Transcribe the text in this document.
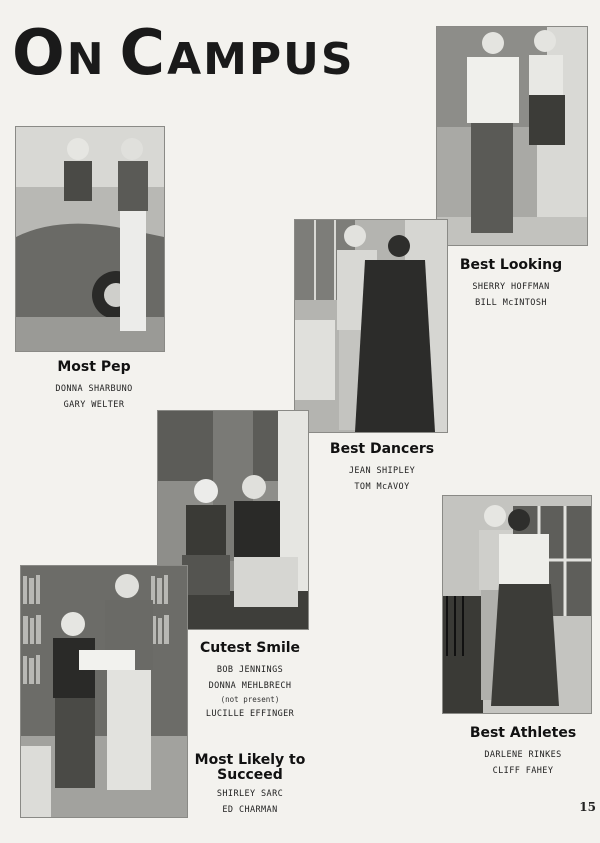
ON CAMPUS
Most Pep
DONNA SHARBUNO
GARY WELTER
Best Looking
SHERRY HOFFMAN
BILL McINTOSH
Best Dancers
JEAN SHIPLEY
TOM McAVOY
Cutest Smile
BOB JENNINGS
DONNA MEHLBRECH
(not present)
LUCILLE EFFINGER
Most Likely to
Succeed
SHIRLEY SARC
ED CHARMAN
Best Athletes
DARLENE RINKES
CLIFF FAHEY
15
